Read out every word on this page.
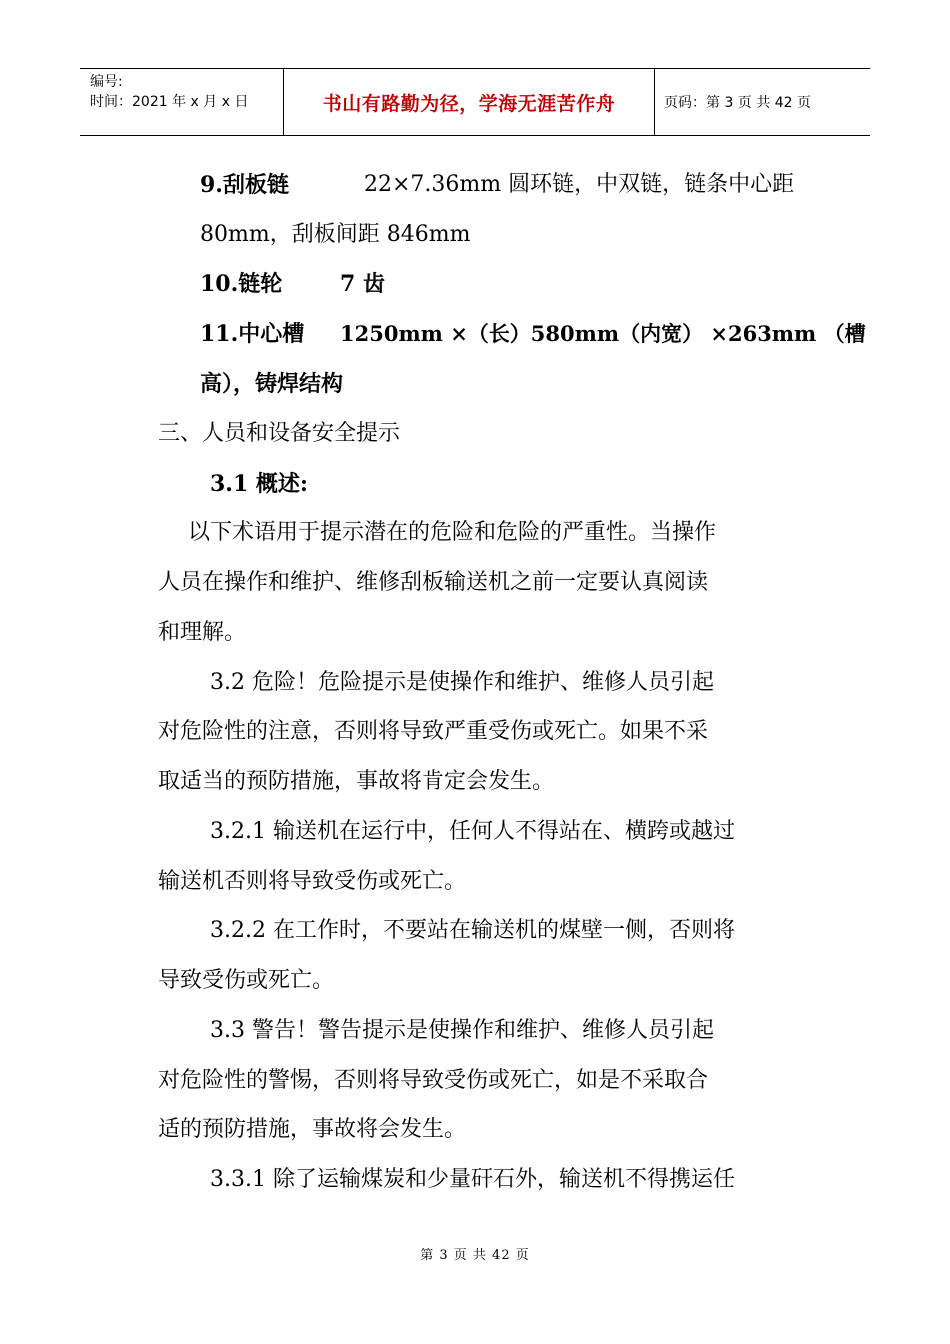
编号:
时间：2021 年 x 月 x 日	书山有路勤为径，学海无涯苦作舟	页码：第 3 页 共 42 页
9.刮板链	22×7.36mm 圆环链，中双链，链条中心距
80mm，刮板间距 846mm
10.链轮	7 齿
11.中心槽 1250mm ×（长）580mm（内宽） ×263mm （槽
高），铸焊结构
三、人员和设备安全提示
3.1 概述:
以下术语用于提示潜在的危险和危险的严重性。当操作
人员在操作和维护、维修刮板输送机之前一定要认真阅读
和理解。
3.2 危险！危险提示是使操作和维护、维修人员引起
对危险性的注意，否则将导致严重受伤或死亡。如果不采
取适当的预防措施，事故将肯定会发生。
3.2.1 输送机在运行中，任何人不得站在、横跨或越过
输送机否则将导致受伤或死亡。
3.2.2 在工作时，不要站在输送机的煤壁一侧，否则将
导致受伤或死亡。
3.3 警告！警告提示是使操作和维护、维修人员引起
对危险性的警惕，否则将导致受伤或死亡，如是不采取合
适的预防措施，事故将会发生。
3.3.1 除了运输煤炭和少量矸石外，输送机不得携运任
第 3 页 共 42 页
